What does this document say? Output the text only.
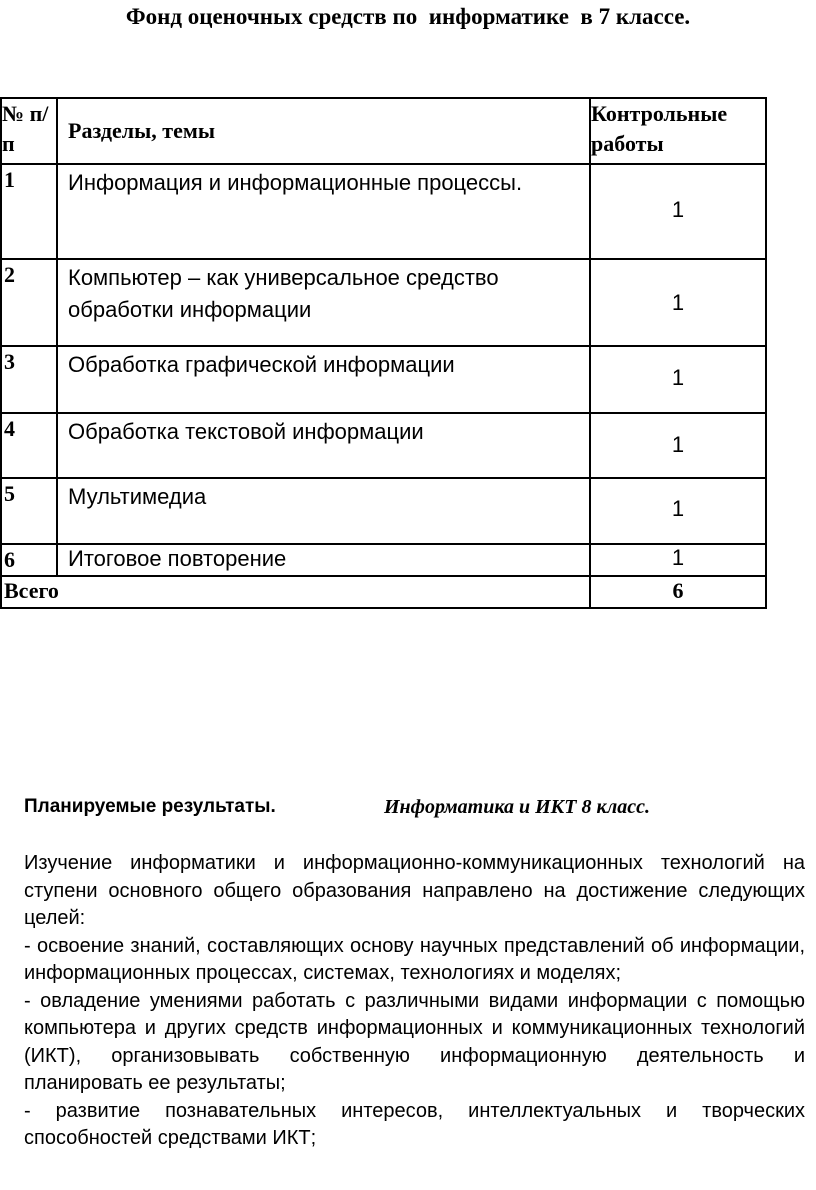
Фонд оценочных средств по  информатике  в 7 классе.
№ п/п	Разделы, темы	Контрольные работы
1	Информация и информационные процессы.	1

2	Компьютер – как универсальное средство обработки информации	1

3	Обработка графической информации	1

4	Обработка текстовой информации	1

5	Мультимедиа	1

6	Итоговое повторение	1

Всего		6
Планируемые результаты.	Информатика и ИКТ 8 класс.

Изучение информатики и информационно-коммуникационных технологий на ступени основного общего образования направлено на достижение следующих целей:

- освоение знаний, составляющих основу научных представлений об информации, информационных процессах, системах, технологиях и моделях;

- овладение умениями работать с различными видами информации с помощью компьютера и других средств информационных и коммуникационных технологий (ИКТ), организовывать собственную информационную деятельность и планировать ее результаты;

- развитие познавательных интересов, интеллектуальных и творческих способностей средствами ИКТ;
